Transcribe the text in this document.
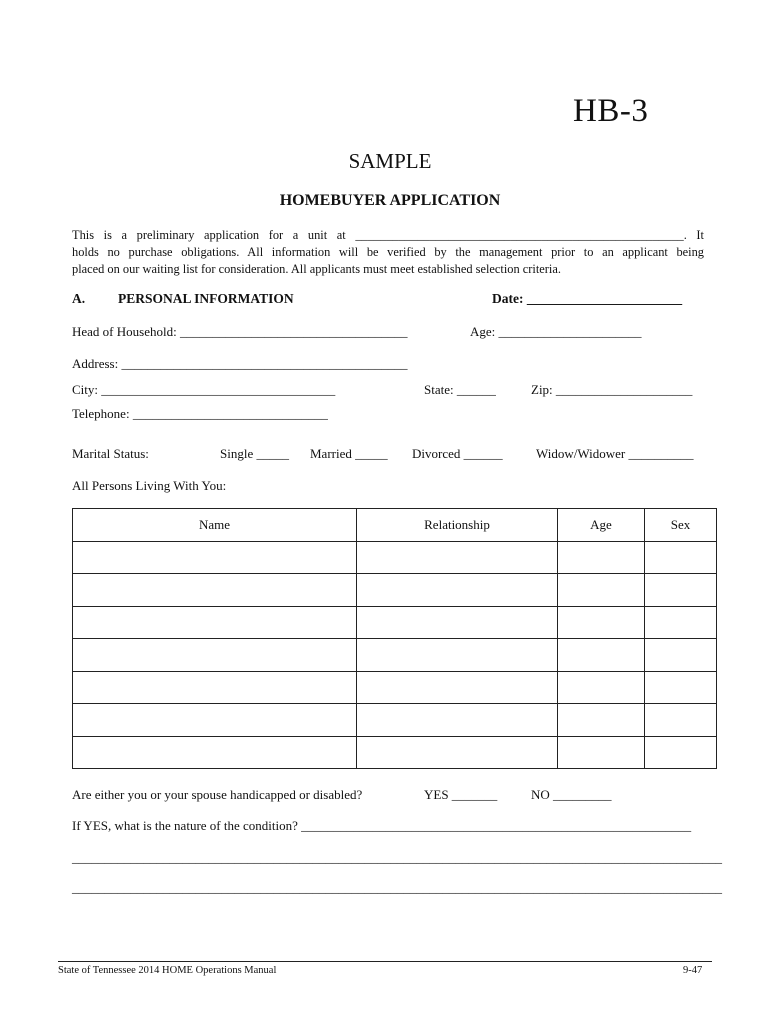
HB-3
SAMPLE
HOMEBUYER APPLICATION
This is a preliminary application for a unit at _____________________________________________________. It
holds no purchase obligations. All information will be verified by the management prior to an applicant being
placed on our waiting list for consideration. All applicants must meet established selection criteria.
A. PERSONAL INFORMATION	Date: _______________________
Head of Household: ___________________________________	Age: ______________________
Address: ____________________________________________
City: ____________________________________	State: ______	Zip: _____________________
Telephone: ______________________________
Marital Status:	Single _____ Married _____ Divorced ______	Widow/Widower __________
All Persons Living With You:
Name	Relationship	Age	Sex

Are either you or your spouse handicapped or disabled?	YES _______	NO _________
If YES, what is the nature of the condition? ____________________________________________________________
____________________________________________________________________________________________________
____________________________________________________________________________________________________
State of Tennessee 2014 HOME Operations Manual	9-47
